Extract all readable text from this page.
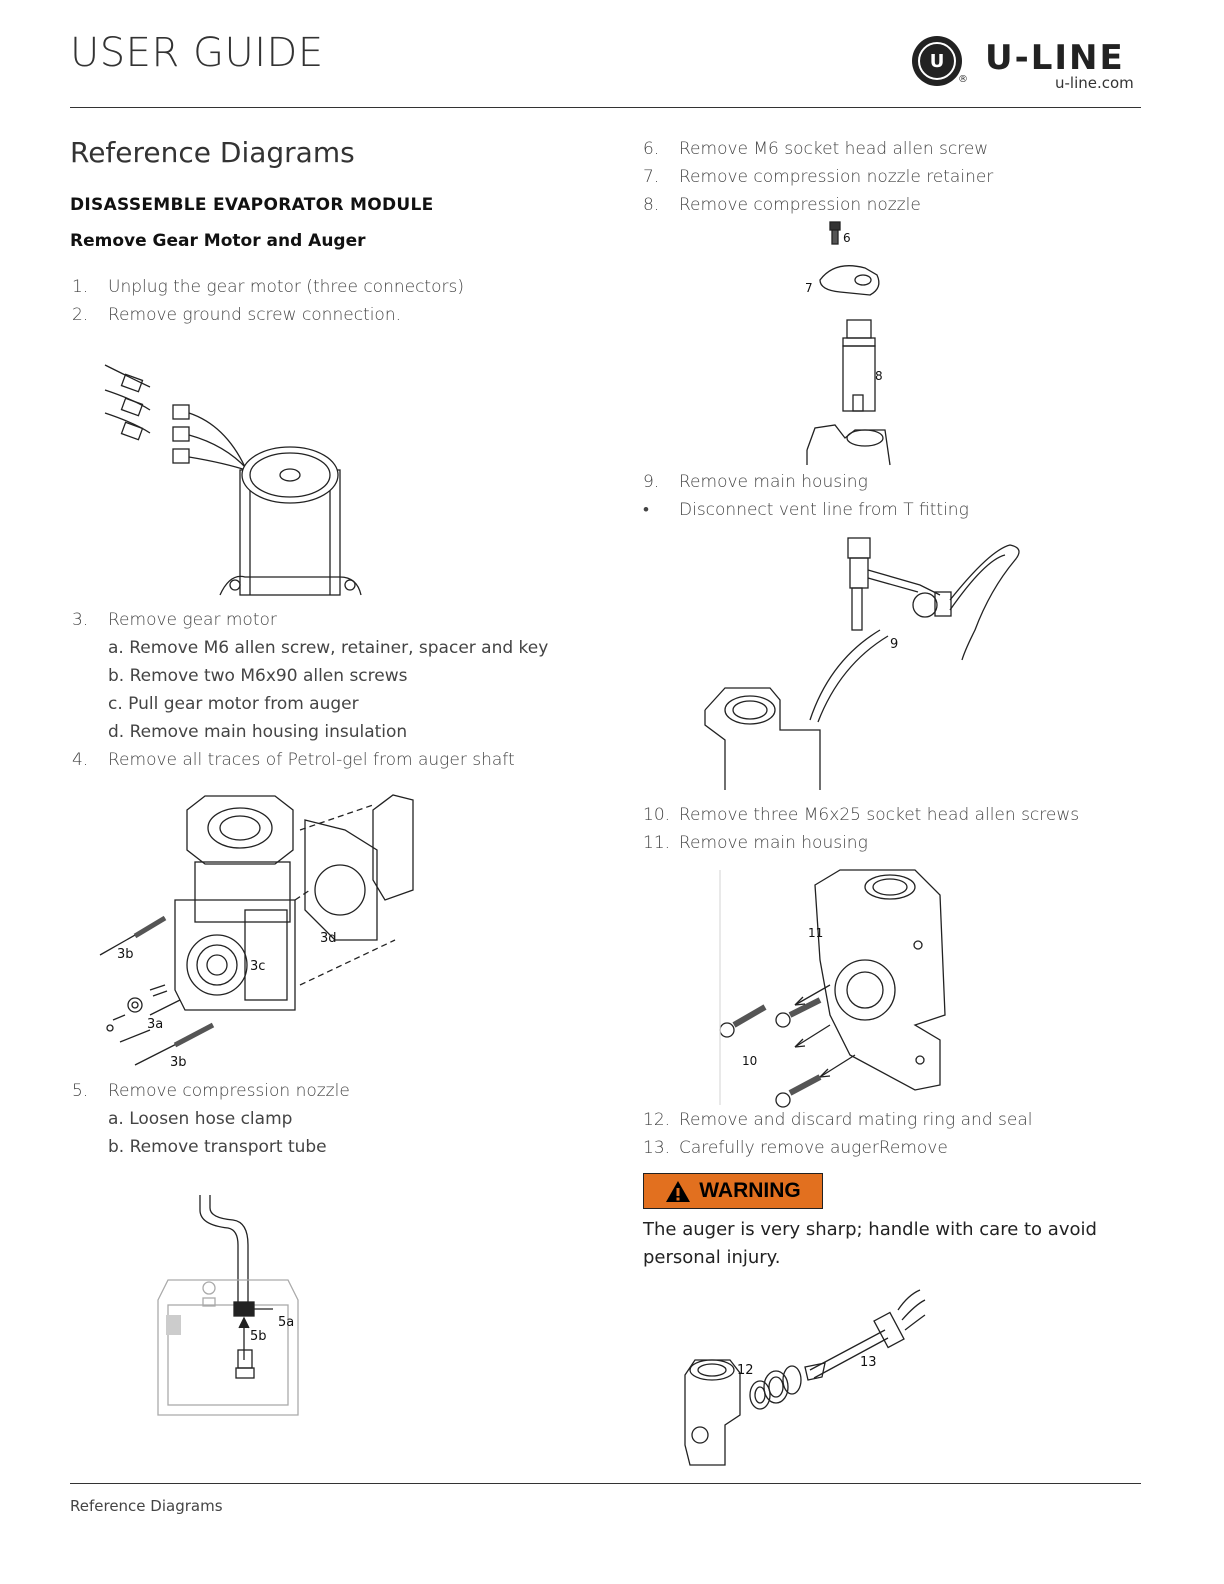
USER GUIDE	U
®
U-LINE
u-line.com
Reference Diagrams
DISASSEMBLE EVAPORATOR MODULE
Remove Gear Motor and Auger
1. Unplug the gear motor (three connectors)
2. Remove ground screw connection.
3. Remove gear motor
a. Remove M6 allen screw, retainer, spacer and key
b. Remove two M6x90 allen screws
c. Pull gear motor from auger
d. Remove main housing insulation
4. Remove all traces of Petrol-gel from auger shaft
3b
3d
3c
3a
3b
5. Remove compression nozzle
a. Loosen hose clamp
b. Remove transport tube
5a
5b
6. Remove M6 socket head allen screw
7. Remove compression nozzle retainer
8. Remove compression nozzle
6
7
8
9. Remove main housing
• Disconnect vent line from T fitting
9
10. Remove three M6x25 socket head allen screws
11. Remove main housing
11
10
12. Remove and discard mating ring and seal
13. Carefully remove augerRemove
WARNING
The auger is very sharp; handle with care to avoid personal injury.
12
13
Reference Diagrams
